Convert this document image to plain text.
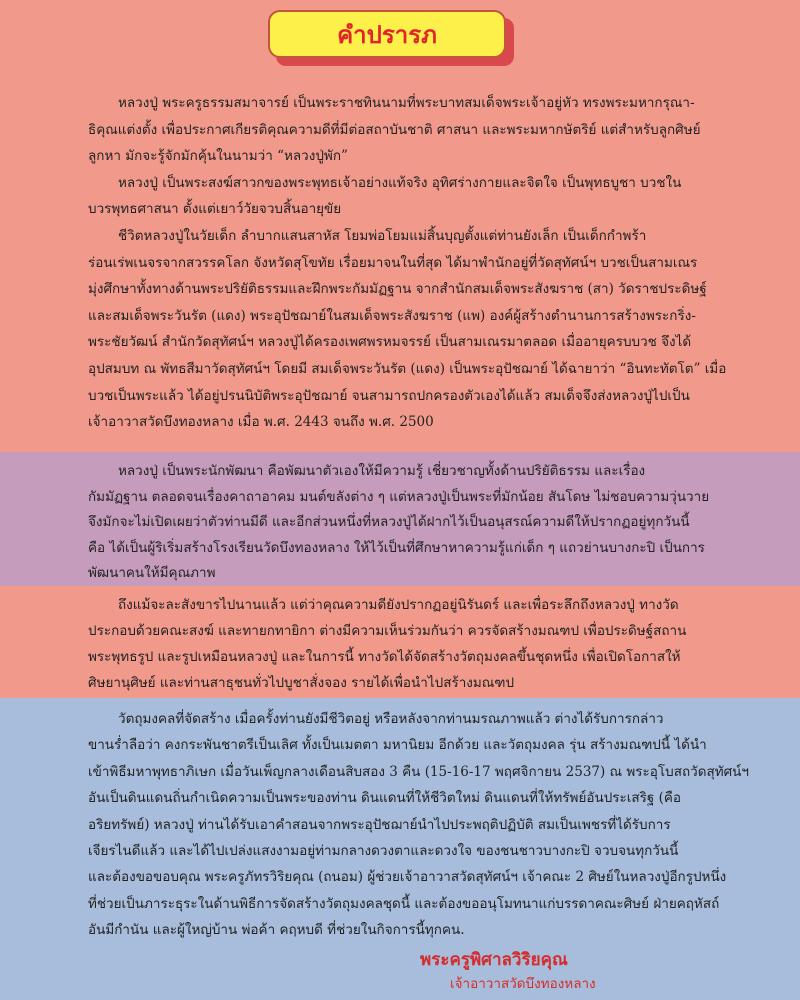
คำปรารภ
หลวงปู่ พระครูธรรมสมาจารย์ เป็นพระราชทินนามที่พระบาทสมเด็จพระเจ้าอยู่หัว ทรงพระมหากรุณา-
ธิคุณแต่งตั้ง เพื่อประกาศเกียรติคุณความดีที่มีต่อสถาบันชาติ ศาสนา และพระมหากษัตริย์ แต่สำหรับลูกศิษย์
ลูกหา มักจะรู้จักมักคุ้นในนามว่า “หลวงปู่พัก”
หลวงปู่ เป็นพระสงฆ์สาวกของพระพุทธเจ้าอย่างแท้จริง อุทิศร่างกายและจิตใจ เป็นพุทธบูชา บวชใน
บวรพุทธศาสนา ตั้งแต่เยาว์วัยจวบสิ้นอายุขัย
ชีวิตหลวงปู่ในวัยเด็ก ลำบากแสนสาหัส โยมพ่อโยมแม่สิ้นบุญตั้งแต่ท่านยังเล็ก เป็นเด็กกำพร้า
ร่อนเร่พเนจรจากสวรรคโลก จังหวัดสุโขทัย เรื่อยมาจนในที่สุด ได้มาพำนักอยู่ที่วัดสุทัศน์ฯ บวชเป็นสามเณร
มุ่งศึกษาทั้งทางด้านพระปริยัติธรรมและฝึกพระกัมมัฏฐาน จากสำนักสมเด็จพระสังฆราช (สา) วัดราชประดิษฐ์
และสมเด็จพระวันรัต (แดง) พระอุปัชฌาย์ในสมเด็จพระสังฆราช (แพ) องค์ผู้สร้างตำนานการสร้างพระกริ่ง-
พระชัยวัฒน์ สำนักวัดสุทัศน์ฯ หลวงปู่ได้ครองเพศพรหมจรรย์ เป็นสามเณรมาตลอด เมื่ออายุครบบวช จึงได้
อุปสมบท ณ พัทธสีมาวัดสุทัศน์ฯ โดยมี สมเด็จพระวันรัต (แดง) เป็นพระอุปัชฌาย์ ได้ฉายาว่า “อินทะทัตโต” เมื่อ
บวชเป็นพระแล้ว ได้อยู่ปรนนิบัติพระอุปัชฌาย์ จนสามารถปกครองตัวเองได้แล้ว สมเด็จจึงส่งหลวงปู่ไปเป็น
เจ้าอาวาสวัดบึงทองหลาง เมื่อ พ.ศ. 2443 จนถึง พ.ศ. 2500
หลวงปู่ เป็นพระนักพัฒนา คือพัฒนาตัวเองให้มีความรู้ เชี่ยวชาญทั้งด้านปริยัติธรรม และเรื่อง
กัมมัฏฐาน ตลอดจนเรื่องคาถาอาคม มนต์ขลังต่าง ๆ แต่หลวงปู่เป็นพระที่มักน้อย สันโดษ ไม่ชอบความวุ่นวาย
จึงมักจะไม่เปิดเผยว่าตัวท่านมีดี และอีกส่วนหนึ่งที่หลวงปู่ได้ฝากไว้เป็นอนุสรณ์ความดีให้ปรากฏอยู่ทุกวันนี้
คือ ได้เป็นผู้ริเริ่มสร้างโรงเรียนวัดบึงทองหลาง ให้ไว้เป็นที่ศึกษาหาความรู้แก่เด็ก ๆ แถวย่านบางกะปิ เป็นการ
พัฒนาคนให้มีคุณภาพ
ถึงแม้จะละสังขารไปนานแล้ว แต่ว่าคุณความดียังปรากฏอยู่นิรันดร์ และเพื่อระลึกถึงหลวงปู่ ทางวัด
ประกอบด้วยคณะสงฆ์ และทายกทายิกา ต่างมีความเห็นร่วมกันว่า ควรจัดสร้างมณฑป เพื่อประดิษฐ์สถาน
พระพุทธรูป และรูปเหมือนหลวงปู่ และในการนี้ ทางวัดได้จัดสร้างวัตถุมงคลขึ้นชุดหนึ่ง เพื่อเปิดโอกาสให้
ศิษยานุศิษย์ และท่านสาธุชนทั่วไปบูชาสั่งจอง รายได้เพื่อนำไปสร้างมณฑป
วัตถุมงคลที่จัดสร้าง เมื่อครั้งท่านยังมีชีวิตอยู่ หรือหลังจากท่านมรณภาพแล้ว ต่างได้รับการกล่าว
ขานร่ำลือว่า คงกระพันชาตรีเป็นเลิศ ทั้งเป็นเมตตา มหานิยม อีกด้วย และวัตถุมงคล รุ่น สร้างมณฑปนี้ ได้นำ
เข้าพิธีมหาพุทธาภิเษก เมื่อวันเพ็ญกลางเดือนสิบสอง 3 คืน (15-16-17 พฤศจิกายน 2537) ณ พระอุโบสถวัดสุทัศน์ฯ
อันเป็นดินแดนถิ่นกำเนิดความเป็นพระของท่าน ดินแดนที่ให้ชีวิตใหม่ ดินแดนที่ให้ทรัพย์อันประเสริฐ (คือ
อริยทรัพย์) หลวงปู่ ท่านได้รับเอาคำสอนจากพระอุปัชฌาย์นำไปประพฤติปฏิบัติ สมเป็นเพชรที่ได้รับการ
เจียรไนดีแล้ว และได้ไปเปล่งแสงงามอยู่ท่ามกลางดวงตาและดวงใจ ของชนชาวบางกะปิ จวบจนทุกวันนี้
และต้องขอขอบคุณ พระครูภัทรวิริยคุณ (ถนอม) ผู้ช่วยเจ้าอาวาสวัดสุทัศน์ฯ เจ้าคณะ 2 ศิษย์ในหลวงปู่อีกรูปหนึ่ง
ที่ช่วยเป็นภาระธุระในด้านพิธีการจัดสร้างวัตถุมงคลชุดนี้ และต้องขออนุโมทนาแก่บรรดาคณะศิษย์ ฝ่ายคฤหัสถ์
อันมีกำนัน และผู้ใหญ่บ้าน พ่อค้า คฤหบดี ที่ช่วยในกิจการนี้ทุกคน.
พระครูพิศาลวิริยคุณ
เจ้าอาวาสวัดบึงทองหลาง
